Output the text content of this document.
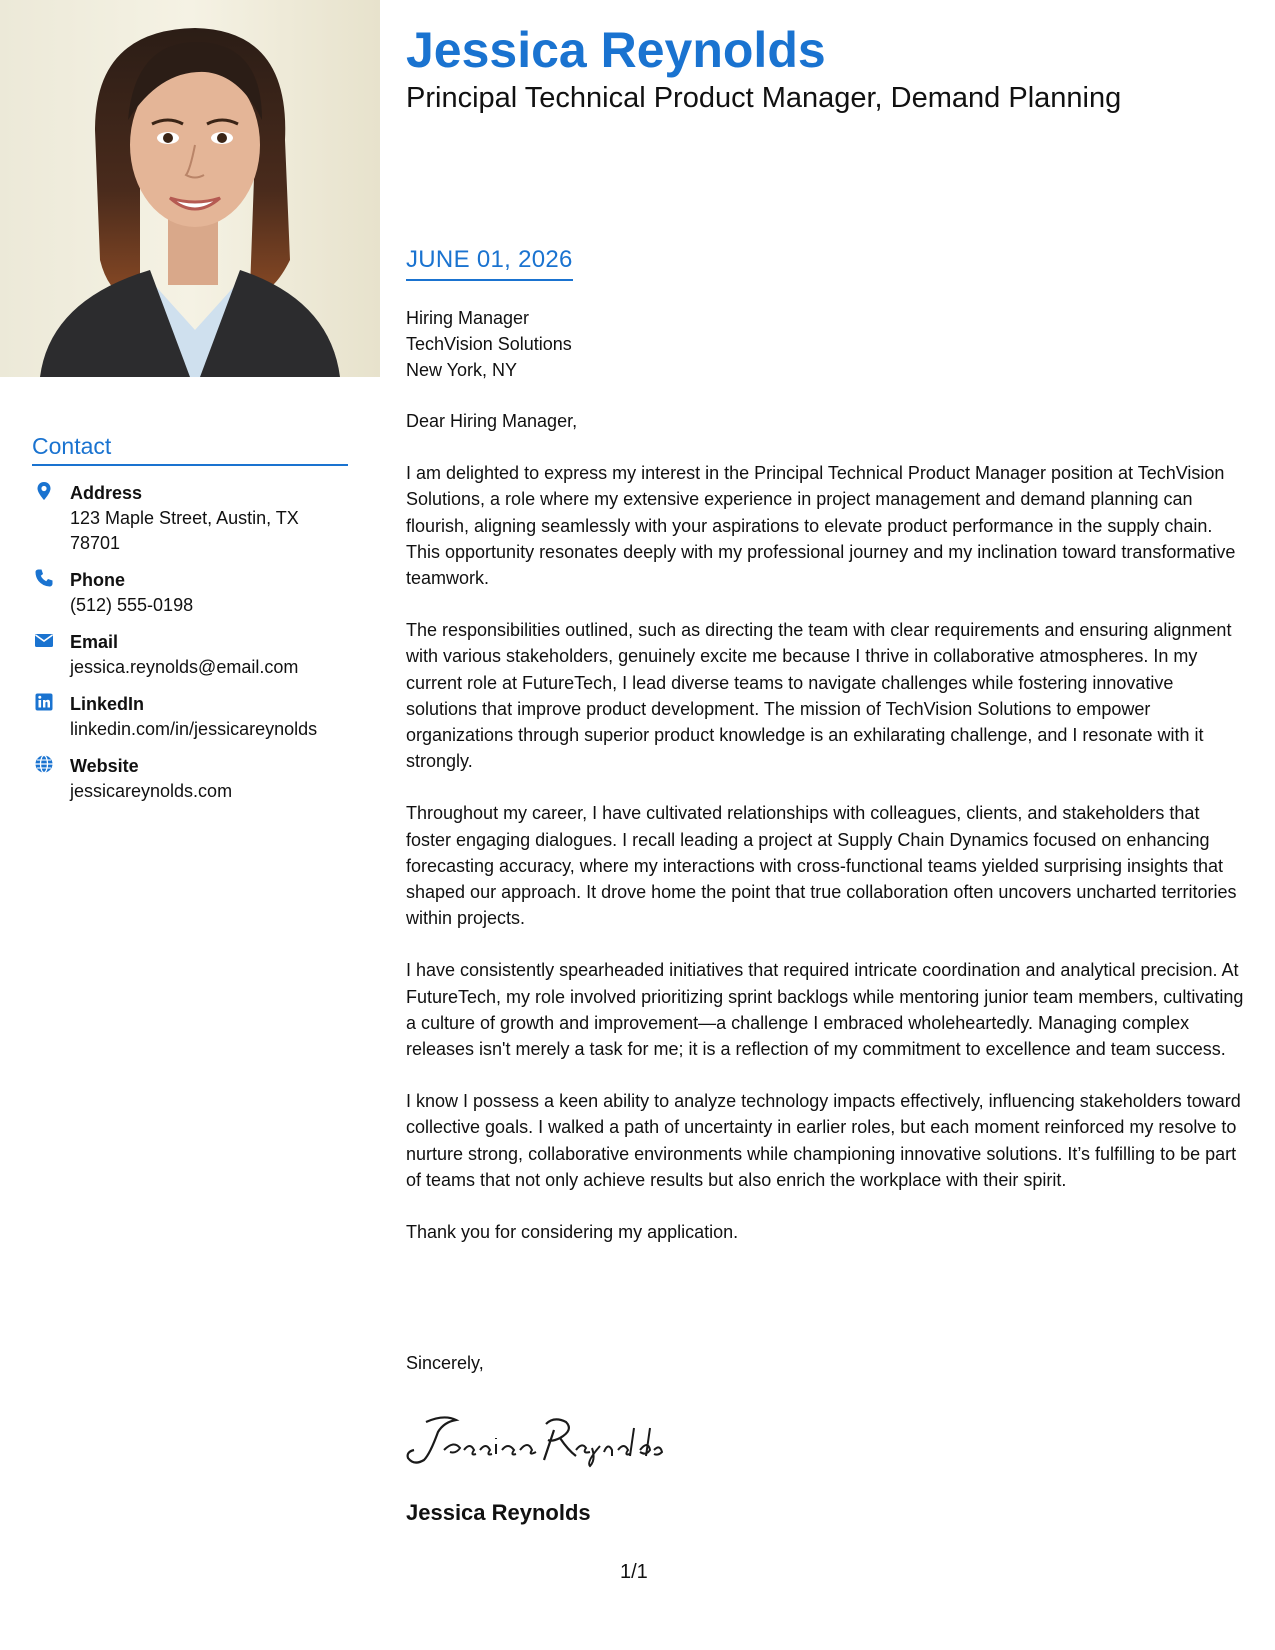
Contact
Address
123 Maple Street, Austin, TX 78701
Phone
(512) 555-0198
Email
jessica.reynolds@email.com
LinkedIn
linkedin.com/in/jessicareynolds
Website
jessicareynolds.com
Jessica Reynolds
Principal Technical Product Manager, Demand Planning
JUNE 01, 2026
Hiring Manager
TechVision Solutions
New York, NY

Dear Hiring Manager,

I am delighted to express my interest in the Principal Technical Product Manager position at TechVision Solutions, a role where my extensive experience in project management and demand planning can flourish, aligning seamlessly with your aspirations to elevate product performance in the supply chain. This opportunity resonates deeply with my professional journey and my inclination toward transformative teamwork.

The responsibilities outlined, such as directing the team with clear requirements and ensuring alignment with various stakeholders, genuinely excite me because I thrive in collaborative atmospheres. In my current role at FutureTech, I lead diverse teams to navigate challenges while fostering innovative solutions that improve product development. The mission of TechVision Solutions to empower organizations through superior product knowledge is an exhilarating challenge, and I resonate with it strongly.

Throughout my career, I have cultivated relationships with colleagues, clients, and stakeholders that foster engaging dialogues. I recall leading a project at Supply Chain Dynamics focused on enhancing forecasting accuracy, where my interactions with cross-functional teams yielded surprising insights that shaped our approach. It drove home the point that true collaboration often uncovers uncharted territories within projects.

I have consistently spearheaded initiatives that required intricate coordination and analytical precision. At FutureTech, my role involved prioritizing sprint backlogs while mentoring junior team members, cultivating a culture of growth and improvement—a challenge I embraced wholeheartedly. Managing complex releases isn't merely a task for me; it is a reflection of my commitment to excellence and team success.

I know I possess a keen ability to analyze technology impacts effectively, influencing stakeholders toward collective goals. I walked a path of uncertainty in earlier roles, but each moment reinforced my resolve to nurture strong, collaborative environments while championing innovative solutions. It’s fulfilling to be part of teams that not only achieve results but also enrich the workplace with their spirit.

Thank you for considering my application.

Sincerely,
Jessica Reynolds
1/1
